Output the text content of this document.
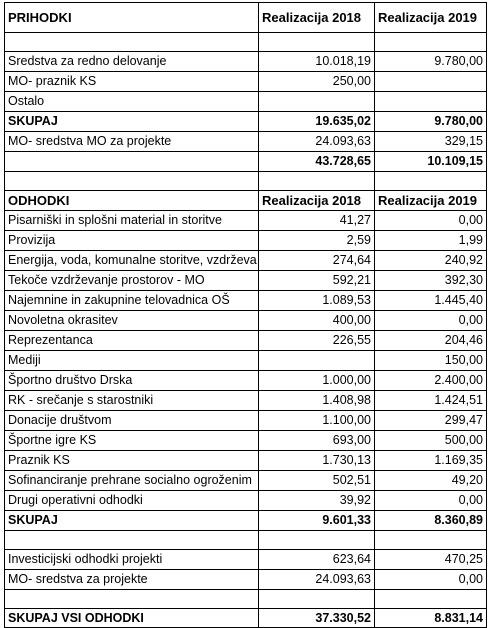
PRIHODKI	Realizacija 2018	Realizacija 2019

Sredstva za redno delovanje	10.018,19	9.780,00
MO- praznik KS	250,00	
Ostalo		
SKUPAJ	19.635,02	9.780,00
MO- sredstva MO za projekte	24.093,63	329,15
	43.728,65	10.109,15

ODHODKI	Realizacija 2018	Realizacija 2019
Pisarniški in splošni material in storitve	41,27	0,00
Provizija	2,59	1,99
Energija, voda, komunalne storitve, vzdrževa	274,64	240,92
Tekoče vzdrževanje prostorov - MO	592,21	392,30
Najemnine in zakupnine telovadnica OŠ	1.089,53	1.445,40
Novoletna okrasitev	400,00	0,00
Reprezentanca	226,55	204,46
Mediji		150,00
Športno društvo Drska	1.000,00	2.400,00
RK - srečanje s starostniki	1.408,98	1.424,51
Donacije društvom	1.100,00	299,47
Športne igre KS	693,00	500,00
Praznik KS	1.730,13	1.169,35
Sofinanciranje prehrane socialno ogroženim	502,51	49,20
Drugi operativni odhodki	39,92	0,00
SKUPAJ	9.601,33	8.360,89

Investicijski odhodki projekti	623,64	470,25
MO- sredstva za projekte	24.093,63	0,00

SKUPAJ VSI ODHODKI	37.330,52	8.831,14
